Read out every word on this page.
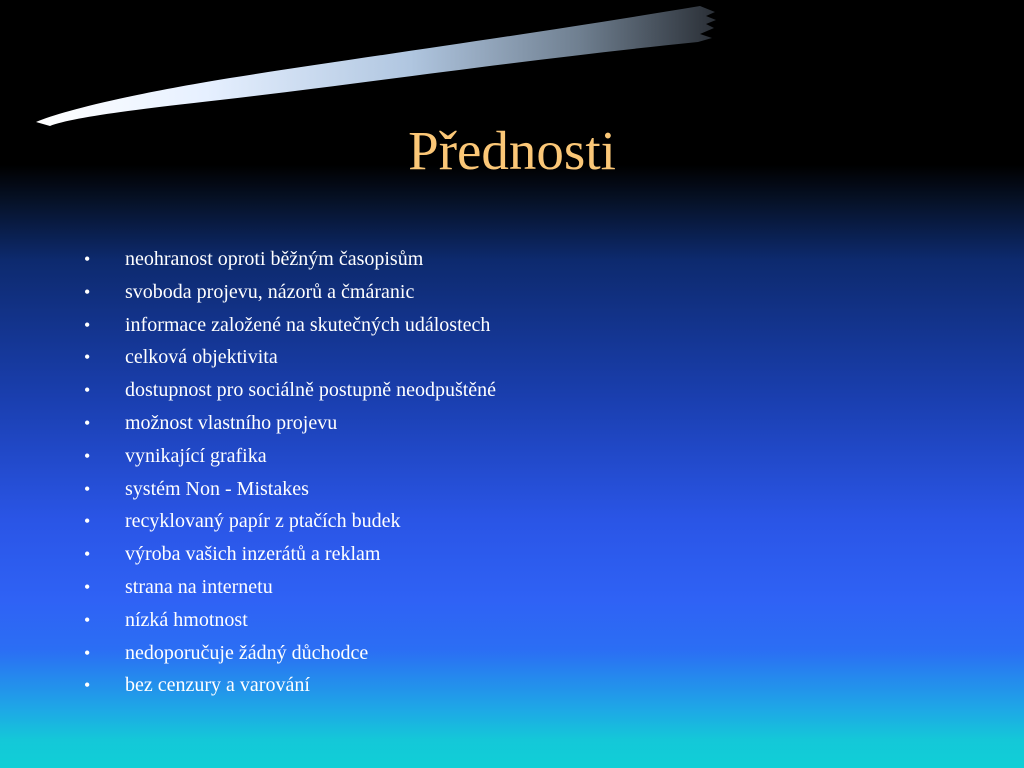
Přednosti
•	neohranost oproti běžným časopisům
•	svoboda projevu, názorů a čmáranic
•	informace založené na skutečných událostech
•	celková objektivita
•	dostupnost pro sociálně postupně neodpuštěné
•	možnost vlastního projevu
•	vynikající grafika
•	systém Non - Mistakes
•	recyklovaný papír z ptačích budek
•	výroba vašich inzerátů a reklam
•	strana na internetu
•	nízká hmotnost
•	nedoporučuje žádný důchodce
•	bez cenzury a varování
